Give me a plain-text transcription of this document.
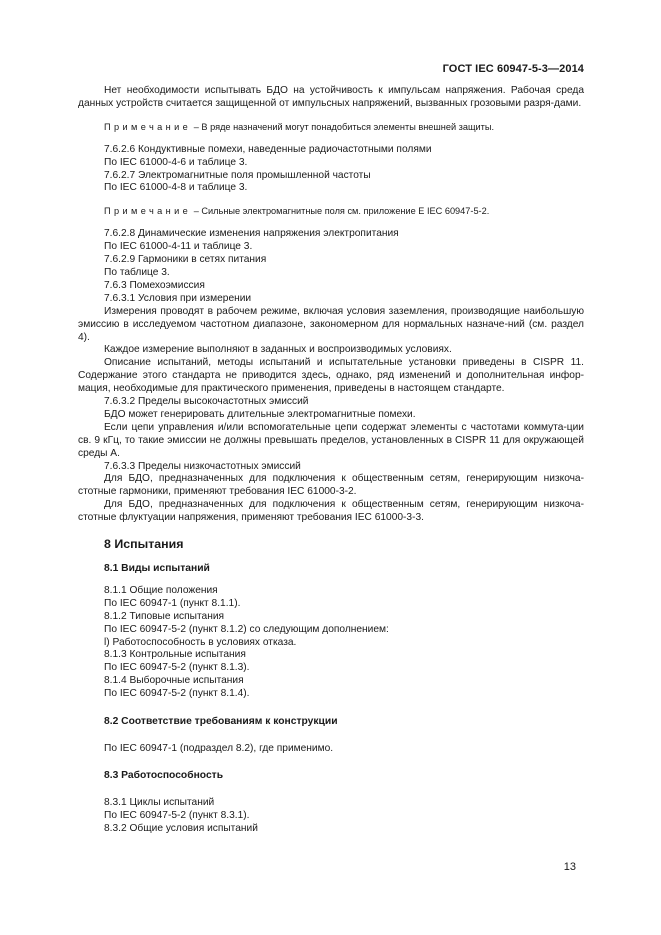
ГОСТ IEC 60947-5-3—2014

Нет необходимости испытывать БДО на устойчивость к импульсам напряжения. Рабочая среда данных устройств считается защищенной от импульсных напряжений, вызванных грозовыми разря-дами.

Примечание – В ряде назначений могут понадобиться элементы внешней защиты.

7.6.2.6 Кондуктивные помехи, наведенные радиочастотными полями

По IEC 61000-4-6 и таблице 3.

7.6.2.7 Электромагнитные поля промышленной частоты

По IEC 61000-4-8 и таблице 3.

Примечание – Сильные электромагнитные поля см. приложение Е IEC 60947-5-2.

7.6.2.8 Динамические изменения напряжения электропитания

По IEC 61000-4-11 и таблице 3.

7.6.2.9 Гармоники в сетях питания

По таблице 3.

7.6.3 Помехоэмиссия

7.6.3.1 Условия при измерении

Измерения проводят в рабочем режиме, включая условия заземления, производящие наибольшую эмиссию в исследуемом частотном диапазоне, закономерном для нормальных назначе-ний (см. раздел 4).

Каждое измерение выполняют в заданных и воспроизводимых условиях.

Описание испытаний, методы испытаний и испытательные установки приведены в CISPR 11. Содержание этого стандарта не приводится здесь, однако, ряд изменений и дополнительная инфор-мация, необходимые для практического применения, приведены в настоящем стандарте.

7.6.3.2 Пределы высокочастотных эмиссий

БДО может генерировать длительные электромагнитные помехи.

Если цепи управления и/или вспомогательные цепи содержат элементы с частотами коммута-ции св. 9 кГц, то такие эмиссии не должны превышать пределов, установленных в CISPR 11 для окружающей среды А.

7.6.3.3 Пределы низкочастотных эмиссий

Для БДО, предназначенных для подключения к общественным сетям, генерирующим низкоча-стотные гармоники, применяют требования IEC 61000-3-2.

Для БДО, предназначенных для подключения к общественным сетям, генерирующим низкоча-стотные флуктуации напряжения, применяют требования IEC 61000-3-3.

8 Испытания

8.1 Виды испытаний

8.1.1 Общие положения

По IEC 60947-1 (пункт 8.1.1).

8.1.2 Типовые испытания

По IEC 60947-5-2 (пункт 8.1.2) со следующим дополнением:

l) Работоспособность в условиях отказа.

8.1.3 Контрольные испытания

По IEC 60947-5-2 (пункт 8.1.3).

8.1.4 Выборочные испытания

По IEC 60947-5-2 (пункт 8.1.4).

8.2 Соответствие требованиям к конструкции

По IEC 60947-1 (подраздел 8.2), где применимо.

8.3 Работоспособность

8.3.1 Циклы испытаний

По IEC 60947-5-2 (пункт 8.3.1).

8.3.2 Общие условия испытаний

13
